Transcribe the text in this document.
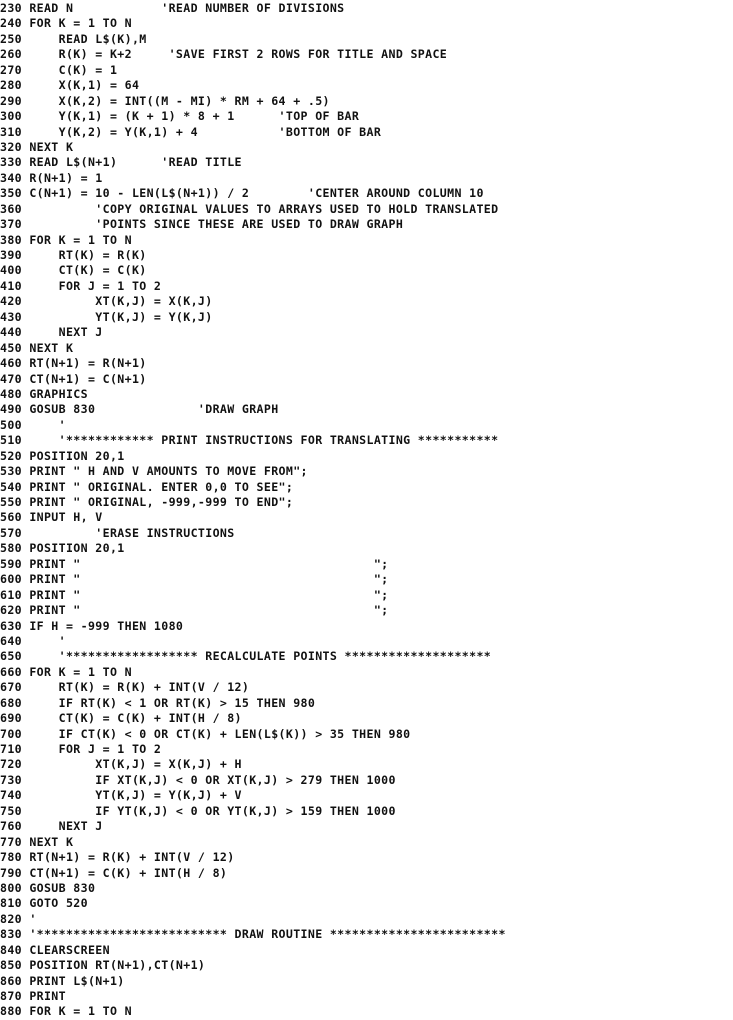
230 READ N            'READ NUMBER OF DIVISIONS
240 FOR K = 1 TO N
250     READ L$(K),M
260     R(K) = K+2     'SAVE FIRST 2 ROWS FOR TITLE AND SPACE
270     C(K) = 1
280     X(K,1) = 64
290     X(K,2) = INT((M - MI) * RM + 64 + .5)
300     Y(K,1) = (K + 1) * 8 + 1      'TOP OF BAR
310     Y(K,2) = Y(K,1) + 4           'BOTTOM OF BAR
320 NEXT K
330 READ L$(N+1)      'READ TITLE
340 R(N+1) = 1
350 C(N+1) = 10 - LEN(L$(N+1)) / 2        'CENTER AROUND COLUMN 10
360          'COPY ORIGINAL VALUES TO ARRAYS USED TO HOLD TRANSLATED
370          'POINTS SINCE THESE ARE USED TO DRAW GRAPH
380 FOR K = 1 TO N
390     RT(K) = R(K)
400     CT(K) = C(K)
410     FOR J = 1 TO 2
420          XT(K,J) = X(K,J)
430          YT(K,J) = Y(K,J)
440     NEXT J
450 NEXT K
460 RT(N+1) = R(N+1)
470 CT(N+1) = C(N+1)
480 GRAPHICS
490 GOSUB 830              'DRAW GRAPH
500     '
510     '************ PRINT INSTRUCTIONS FOR TRANSLATING ***********
520 POSITION 20,1
530 PRINT " H AND V AMOUNTS TO MOVE FROM";
540 PRINT " ORIGINAL. ENTER 0,0 TO SEE";
550 PRINT " ORIGINAL, -999,-999 TO END";
560 INPUT H, V
570          'ERASE INSTRUCTIONS
580 POSITION 20,1
590 PRINT "                                        ";
600 PRINT "                                        ";
610 PRINT "                                        ";
620 PRINT "                                        ";
630 IF H = -999 THEN 1080
640     '
650     '****************** RECALCULATE POINTS ********************
660 FOR K = 1 TO N
670     RT(K) = R(K) + INT(V / 12)
680     IF RT(K) < 1 OR RT(K) > 15 THEN 980
690     CT(K) = C(K) + INT(H / 8)
700     IF CT(K) < 0 OR CT(K) + LEN(L$(K)) > 35 THEN 980
710     FOR J = 1 TO 2
720          XT(K,J) = X(K,J) + H
730          IF XT(K,J) < 0 OR XT(K,J) > 279 THEN 1000
740          YT(K,J) = Y(K,J) + V
750          IF YT(K,J) < 0 OR YT(K,J) > 159 THEN 1000
760     NEXT J
770 NEXT K
780 RT(N+1) = R(K) + INT(V / 12)
790 CT(N+1) = C(K) + INT(H / 8)
800 GOSUB 830
810 GOTO 520
820 '
830 '************************** DRAW ROUTINE ************************
840 CLEARSCREEN
850 POSITION RT(N+1),CT(N+1)
860 PRINT L$(N+1)
870 PRINT
880 FOR K = 1 TO N
